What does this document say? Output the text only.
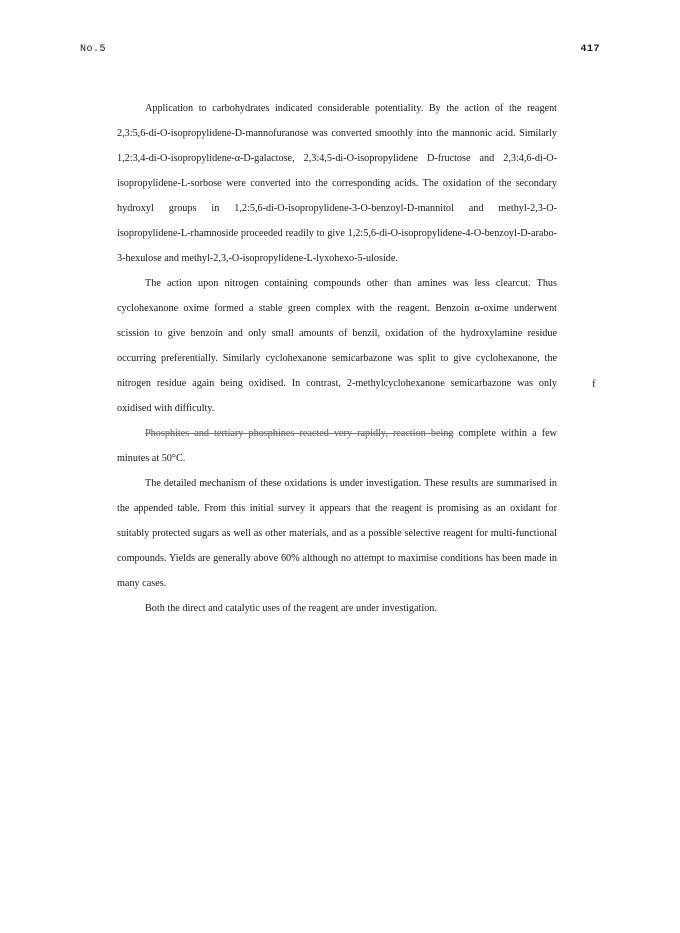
No.5	417

Application to carbohydrates indicated considerable potentiality. By the action of the reagent 2,3:5,6-di-O-isopropylidene-D-mannofuranose was converted smoothly into the mannonic acid. Similarly 1,2:3,4-di-O-isopropylidene-α-D-galactose, 2,3:4,5-di-O-isopropylidene D-fructose and 2,3:4,6-di-O-isopropylidene-L-sorbose were converted into the corresponding acids. The oxidation of the secondary hydroxyl groups in 1,2:5,6-di-O-isopropylidene-3-O-benzoyl-D-mannitol and methyl-2,3-O-isopropylidene-L-rhamnoside proceeded readily to give 1,2:5,6-di-O-isopropylidene-4-O-benzoyl-D-arabo-3-hexulose and methyl-2,3,-O-isopropylidene-L-lyxohexo-5-uloside.

The action upon nitrogen containing compounds other than amines was less clearcut. Thus cyclohexanone oxime formed a stable green complex with the reagent. Benzoin α-oxime underwent scission to give benzoin and only small amounts of benzil, oxidation of the hydroxylamine residue occurring preferentially. Similarly cyclohexanone semicarbazone was split to give cyclohexanone, the nitrogen residue again being oxidised. In contrast, 2-methylcyclohexanone semicarbazone was only oxidised with difficulty.

Phosphites and tertiary phosphines reacted very rapidly, reaction being complete within a few minutes at 50°C.

The detailed mechanism of these oxidations is under investigation. These results are summarised in the appended table. From this initial survey it appears that the reagent is promising as an oxidant for suitably protected sugars as well as other materials, and as a possible selective reagent for multi-functional compounds. Yields are generally above 60% although no attempt to maximise conditions has been made in many cases.

Both the direct and catalytic uses of the reagent are under investigation.

f
